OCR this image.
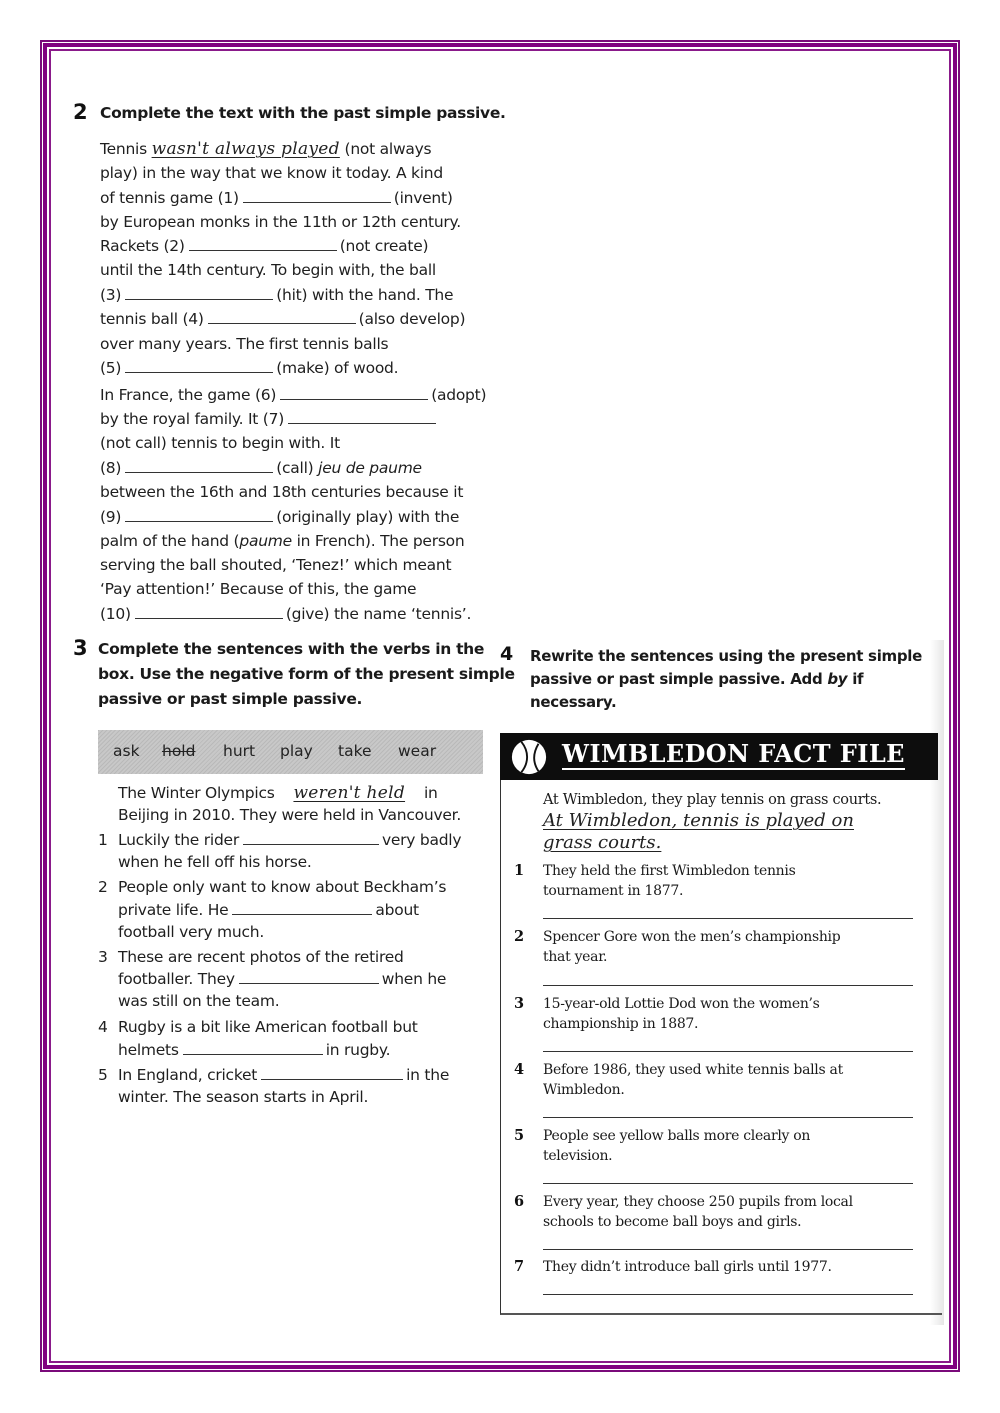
2 Complete the text with the past simple passive.
Tennis wasn't always played (not always
play) in the way that we know it today. A kind
of tennis game (1)	(invent)
by European monks in the 11th or 12th century.
Rackets (2)	(not create)
until the 14th century. To begin with, the ball
(3)	(hit) with the hand. The
tennis ball (4)	(also develop)
over many years. The first tennis balls
(5)	(make) of wood.
In France, the game (6)	(adopt)
by the royal family. It (7)
(not call) tennis to begin with. It
(8)	(call) jeu de paume
between the 16th and 18th centuries because it
(9)	(originally play) with the
palm of the hand (paume in French). The person
serving the ball shouted, ‘Tenez!’ which meant
‘Pay attention!’ Because of this, the game
(10)	(give) the name ‘tennis’.
3 Complete the sentences with the verbs in the
box. Use the negative form of the present simple
passive or past simple passive.
ask hold hurt play take wear
The Winter Olympics weren't held in
Beijing in 2010. They were held in Vancouver.
1 Luckily the rider	very badly
when he fell off his horse.
2 People only want to know about Beckham’s
private life. He	about
football very much.
3 These are recent photos of the retired
footballer. They	when he
was still on the team.
4 Rugby is a bit like American football but
helmets	in rugby.
5 In England, cricket	in the
winter. The season starts in April.
4 Rewrite the sentences using the present simple
passive or past simple passive. Add by if
necessary.
WIMBLEDON FACT FILE
At Wimbledon, they play tennis on grass courts.
At Wimbledon, tennis is played on
grass courts.
1 They held the first Wimbledon tennis
tournament in 1877.
2 Spencer Gore won the men’s championship
that year.
3 15-year-old Lottie Dod won the women’s
championship in 1887.
4 Before 1986, they used white tennis balls at
Wimbledon.
5 People see yellow balls more clearly on
television.
6 Every year, they choose 250 pupils from local
schools to become ball boys and girls.
7 They didn’t introduce ball girls until 1977.
